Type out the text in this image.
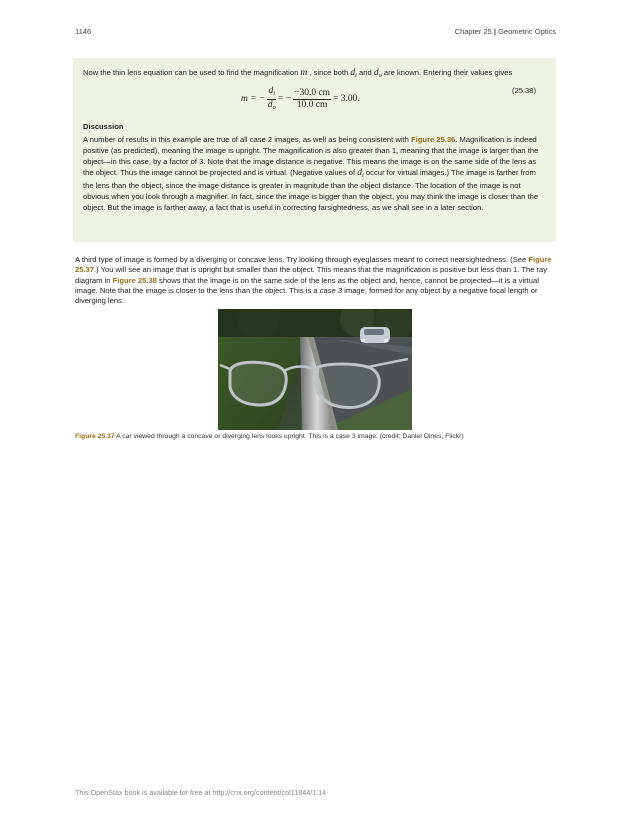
1146	Chapter 25 | Geometric Optics

Now the thin lens equation can be used to find the magnification m , since both $d_i$ and $d_o$ are known. Entering their values gives

m = − $\frac{d_i}{d_o}$ = − $\frac{-30.0 cm}{10.0 cm} = 3.00$.
(25.38)

Discussion

A number of results in this example are true of all case 2 images, as well as being consistent with Figure 25.36. Magnification is indeed positive (as predicted), meaning the image is upright. The magnification is also greater than 1, meaning that the image is larger than the object—in this case, by a factor of 3. Note that the image distance is negative. This means the image is on the same side of the lens as the object. Thus the image cannot be projected and is virtual. (Negative values of $d_i$ occur for virtual images.) The image is farther from the lens than the object, since the image distance is greater in magnitude than the object distance. The location of the image is not obvious when you look through a magnifier. In fact, since the image is bigger than the object, you may think the image is closer than the object. But the image is farther away, a fact that is useful in correcting farsightedness, as we shall see in a later section.

A third type of image is formed by a diverging or concave lens. Try looking through eyeglasses meant to correct nearsightedness. (See Figure 25.37.) You will see an image that is upright but smaller than the object. This means that the magnification is positive but less than 1. The ray diagram in Figure 25.38 shows that the image is on the same side of the lens as the object and, hence, cannot be projected—it is a virtual image. Note that the image is closer to the lens than the object. This is a case 3 image, formed for any object by a negative focal length or diverging lens.

Figure 25.37 A car viewed through a concave or diverging lens looks upright. This is a case 3 image. (credit: Daniel Oines, Flickr)
This OpenStax book is available for free at http://cnx.org/content/col11844/1.14
